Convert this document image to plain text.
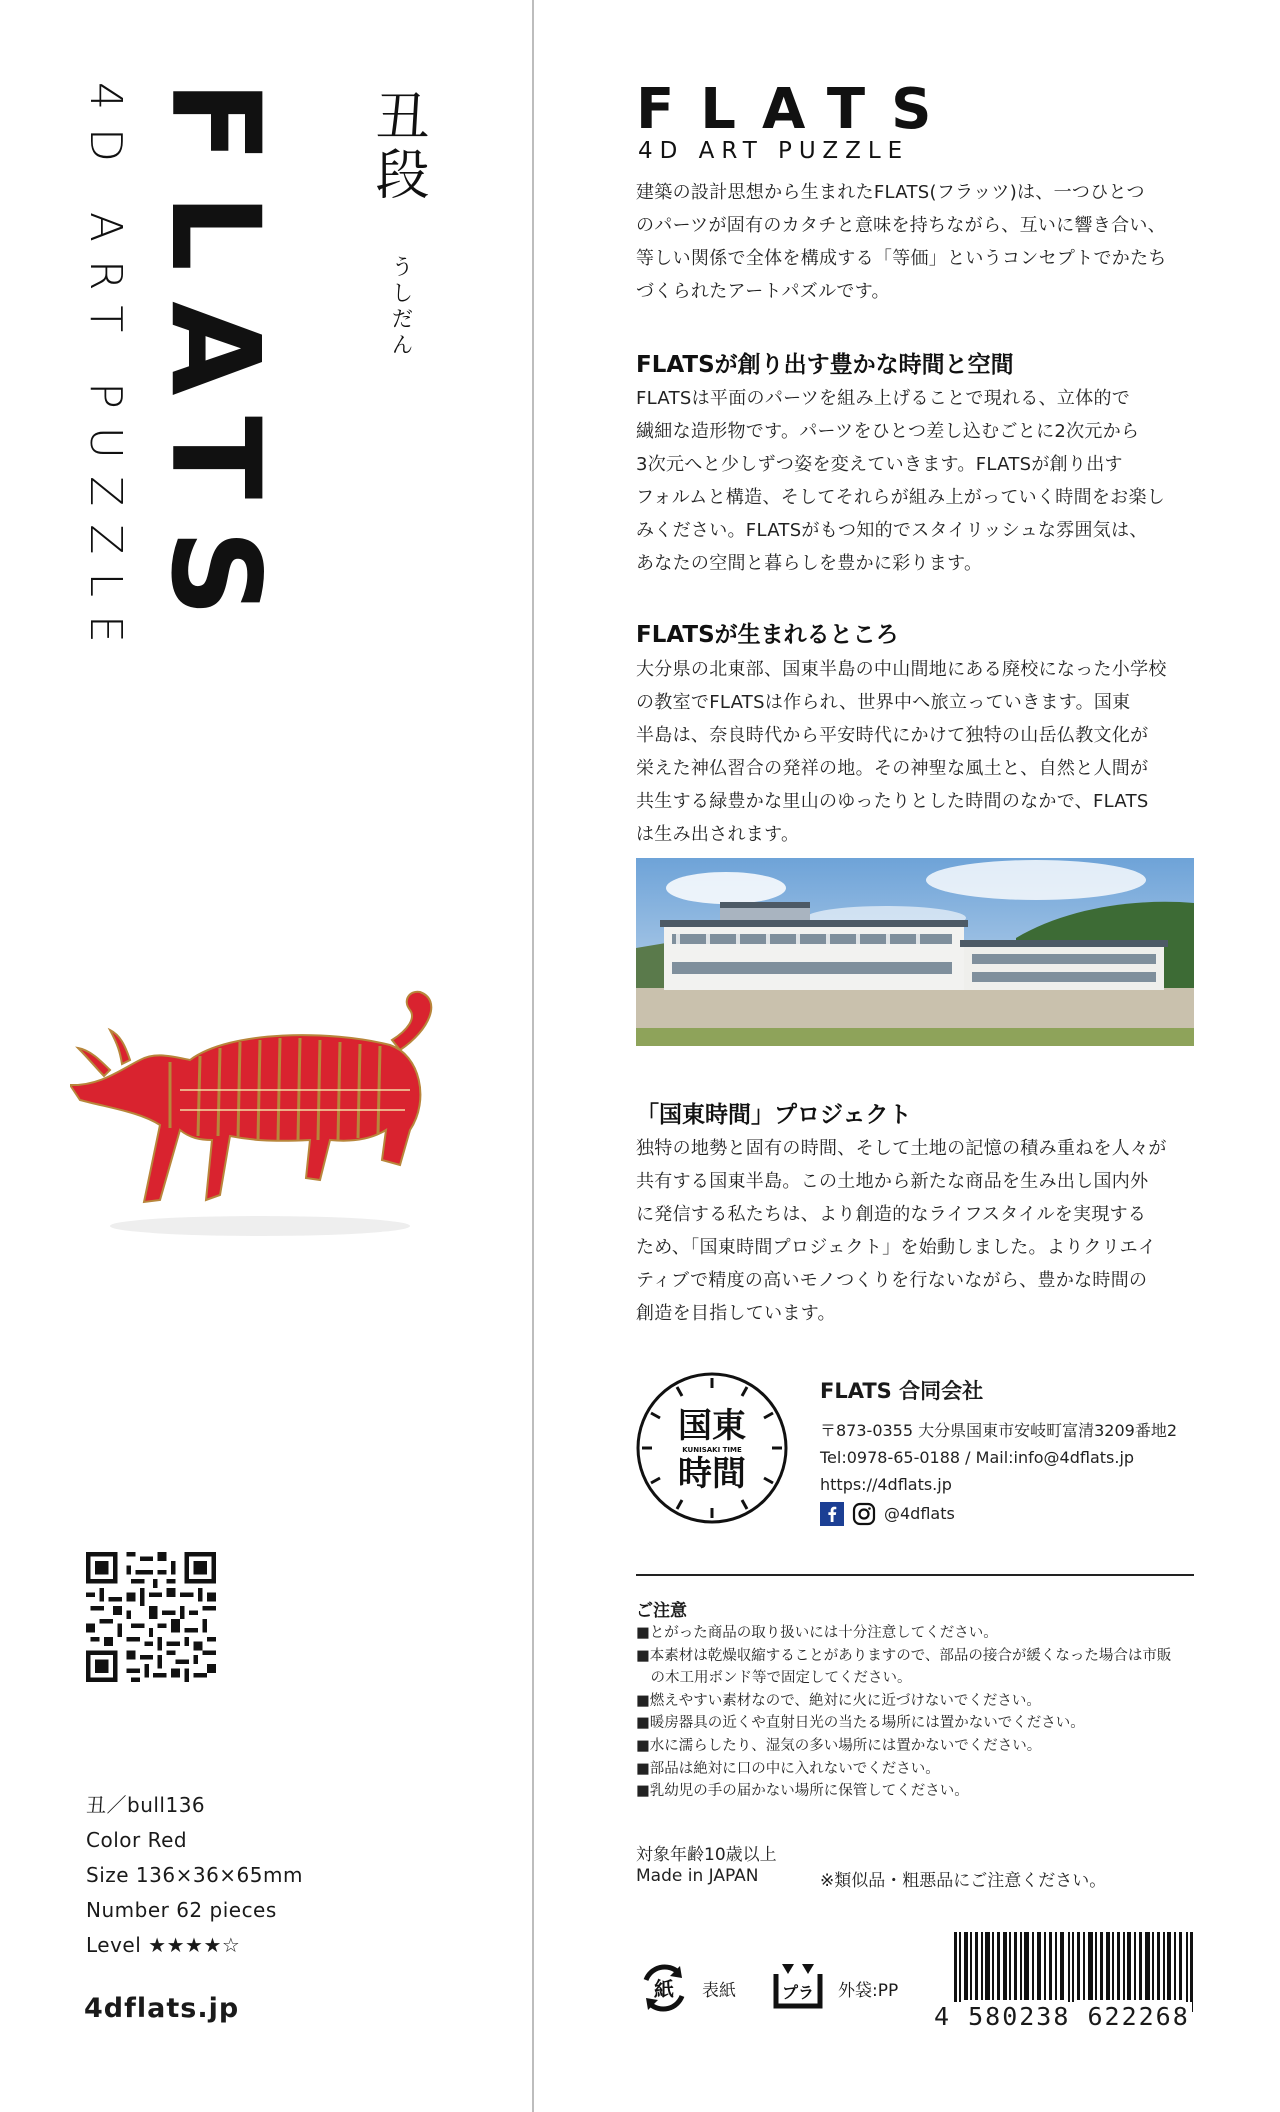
FLATS
4D ART PUZZLE	丑段
うしだん
丑／bull136
Color Red
Size 136×36×65mm
Number 62 pieces
Level ★★★★☆
4dflats.jp
FLATS
4D ART PUZZLE
建築の設計思想から生まれたFLATS(フラッツ)は、一つひとつ
のパーツが固有のカタチと意味を持ちながら、互いに響き合い、
等しい関係で全体を構成する「等価」というコンセプトでかたち
づくられたアートパズルです。
FLATSが創り出す豊かな時間と空間
FLATSは平面のパーツを組み上げることで現れる、立体的で
繊細な造形物です。パーツをひとつ差し込むごとに2次元から
3次元へと少しずつ姿を変えていきます。FLATSが創り出す
フォルムと構造、そしてそれらが組み上がっていく時間をお楽し
みください。FLATSがもつ知的でスタイリッシュな雰囲気は、
あなたの空間と暮らしを豊かに彩ります。
FLATSが生まれるところ
大分県の北東部、国東半島の中山間地にある廃校になった小学校
の教室でFLATSは作られ、世界中へ旅立っていきます。国東
半島は、奈良時代から平安時代にかけて独特の山岳仏教文化が
栄えた神仏習合の発祥の地。その神聖な風土と、自然と人間が
共生する緑豊かな里山のゆったりとした時間のなかで、FLATS
は生み出されます。
「国東時間」プロジェクト
独特の地勢と固有の時間、そして土地の記憶の積み重ねを人々が
共有する国東半島。この土地から新たな商品を生み出し国内外
に発信する私たちは、より創造的なライフスタイルを実現する
ため、「国東時間プロジェクト」を始動しました。よりクリエイ
ティブで精度の高いモノつくりを行ないながら、豊かな時間の
創造を目指しています。
国東
KUNISAKI TIME
時間
FLATS 合同会社
〒873-0355 大分県国東市安岐町富清3209番地2
Tel:0978-65-0188 / Mail:info@4dflats.jp
https://4dflats.jp
@4dflats
ご注意
■とがった商品の取り扱いには十分注意してください。
■本素材は乾燥収縮することがありますので、部品の接合が緩くなった場合は市販
　の木工用ボンド等で固定してください。
■燃えやすい素材なので、絶対に火に近づけないでください。
■暖房器具の近くや直射日光の当たる場所には置かないでください。
■水に濡らしたり、湿気の多い場所には置かないでください。
■部品は絶対に口の中に入れないでください。
■乳幼児の手の届かない場所に保管してください。
対象年齢10歳以上
Made in JAPAN	※類似品・粗悪品にご注意ください。
紙 表紙	プラ 外袋:PP
4 580238 622268
